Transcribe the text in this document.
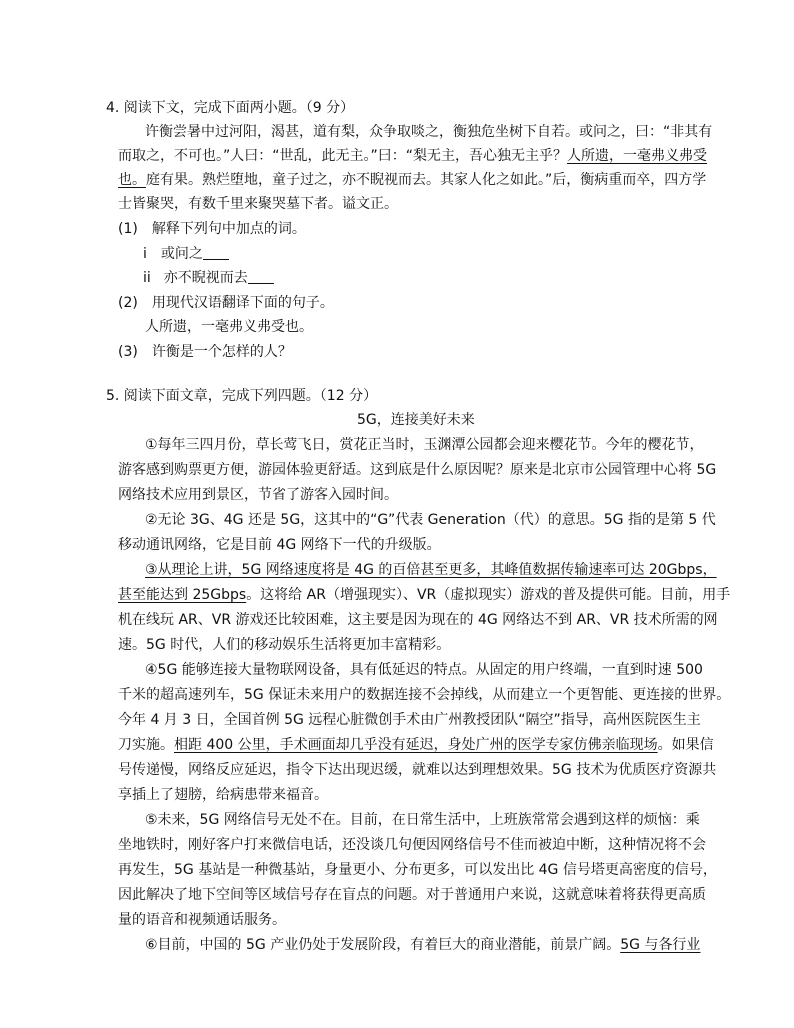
4. 阅读下文，完成下面两小题。（9 分）
许衡尝暑中过河阳，渴甚，道有梨，众争取啖之，衡独危坐树下自若。或问之，曰：“非其有
而取之，不可也。”人曰：“世乱，此无主。”曰：“梨无主，吾心独无主乎？人所遗，一毫弗义弗受
也。庭有果。熟烂堕地，童子过之，亦不睨视而去。其家人化之如此。”后，衡病重而卒，四方学
士皆聚哭，有数千里来聚哭墓下者。谥文正。
(1) 解释下列句中加点的词。
i 或问之
ii 亦不睨视而去
(2) 用现代汉语翻译下面的句子。
人所遗，一毫弗义弗受也。
(3) 许衡是一个怎样的人？
5. 阅读下面文章，完成下列四题。（12 分）
5G，连接美好未来
①每年三四月份，草长莺飞日，赏花正当时，玉渊潭公园都会迎来樱花节。今年的樱花节，
游客感到购票更方便，游园体验更舒适。这到底是什么原因呢？原来是北京市公园管理中心将 5G
网络技术应用到景区，节省了游客入园时间。
②无论 3G、4G 还是 5G，这其中的“G”代表 Generation（代）的意思。5G 指的是第 5 代
移动通讯网络，它是目前 4G 网络下一代的升级版。
③从理论上讲，5G 网络速度将是 4G 的百倍甚至更多，其峰值数据传输速率可达 20Gbps，
甚至能达到 25Gbps。这将给 AR（增强现实）、VR（虚拟现实）游戏的普及提供可能。目前，用手
机在线玩 AR、VR 游戏还比较困难，这主要是因为现在的 4G 网络达不到 AR、VR 技术所需的网
速。5G 时代，人们的移动娱乐生活将更加丰富精彩。
④5G 能够连接大量物联网设备，具有低延迟的特点。从固定的用户终端，一直到时速 500
千米的超高速列车，5G 保证未来用户的数据连接不会掉线，从而建立一个更智能、更连接的世界。
今年 4 月 3 日，全国首例 5G 远程心脏微创手术由广州教授团队“隔空”指导，高州医院医生主
刀实施。相距 400 公里，手术画面却几乎没有延迟，身处广州的医学专家仿佛亲临现场。如果信
号传递慢，网络反应延迟，指令下达出现迟缓，就难以达到理想效果。5G 技术为优质医疗资源共
享插上了翅膀，给病患带来福音。
⑤未来，5G 网络信号无处不在。目前，在日常生活中，上班族常常会遇到这样的烦恼：乘
坐地铁时，刚好客户打来微信电话，还没谈几句便因网络信号不佳而被迫中断，这种情况将不会
再发生，5G 基站是一种微基站，身量更小、分布更多，可以发出比 4G 信号塔更高密度的信号，
因此解决了地下空间等区域信号存在盲点的问题。对于普通用户来说，这就意味着将获得更高质
量的语音和视频通话服务。
⑥目前，中国的 5G 产业仍处于发展阶段，有着巨大的商业潜能，前景广阔。5G 与各行业
